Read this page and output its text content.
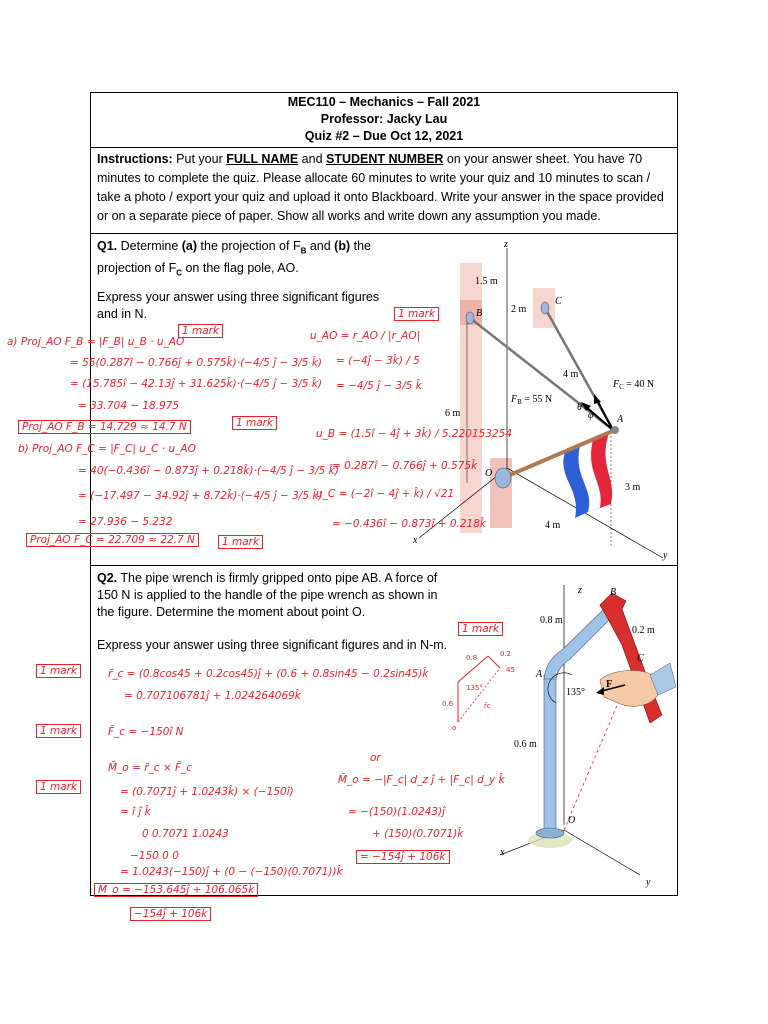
MEC110 – Mechanics – Fall 2021
Professor: Jacky Lau
Quiz #2 – Due Oct 12, 2021
Instructions: Put your FULL NAME and STUDENT NUMBER on your answer sheet. You have 70 minutes to complete the quiz. Please allocate 60 minutes to write your quiz and 10 minutes to scan / take a photo / export your quiz and upload it onto Blackboard. Write your answer in the space provided or on a separate piece of paper. Show all works and write down any assumption you made.
Q1. Determine (a) the projection of $F_B$ and (b) the projection of $F_C$ on the flag pole, AO.
Express your answer using three significant figures and in N.
z
1.5 m
B	2 m
C
4 m
$F_C = 40$ N
$F_B = 55$ N
θ
φ A
6 m
O
3 m
4 m
x
y
a) Proj_AO F_B = |F_B| u_B · u_AO
1 mark
= 55(0.287î − 0.766ĵ + 0.575k̂)·(−4/5 ĵ − 3/5 k̂)
= (15.785î − 42.13ĵ + 31.625k̂)·(−4/5 ĵ − 3/5 k̂)
= 33.704 − 18.975
Proj_AO F_B = 14.729 ≈ 14.7 N	1 mark
b) Proj_AO F_C = |F_C| u_C · u_AO
= 40(−0.436î − 0.873ĵ + 0.218k̂)·(−4/5 ĵ − 3/5 k̂)
= (−17.497 − 34.92ĵ + 8.72k̂)·(−4/5 ĵ − 3/5 k̂)
= 27.936 − 5.232
Proj_AO F_C = 22.709 ≈ 22.7 N	1 mark
u_AO = r_AO / |r_AO|
1 mark
= (−4ĵ − 3k̂) / 5
= −4/5 ĵ − 3/5 k̂
u_B = (1.5î − 4ĵ + 3k̂) / 5.220153254
= 0.287î − 0.766ĵ + 0.575k̂
u_C = (−2î − 4ĵ + k̂) / √21
= −0.436î − 0.873ĵ + 0.218k̂
Q2. The pipe wrench is firmly gripped onto pipe AB. A force of 150 N is applied to the handle of the pipe wrench as shown in the figure. Determine the moment about point O.
Express your answer using three significant figures and in N-m.
z	B
0.8 m
0.2 m
C
A
135°
F
0.6 m
O
x
y
0.8	0.2
45
135°
0.6	r̄c
o
1 mark
1 mark	r̄_c = (0.8cos45 + 0.2cos45)ĵ + (0.6 + 0.8sin45 − 0.2sin45)k̂
= 0.707106781ĵ + 1.024264069k̂
1 mark	F̄_c = −150î N
1 mark
M̄_o = r̄_c × F̄_c
= (0.7071ĵ + 1.0243k̂) × (−150î)
= î ĵ k̂
0 0.7071 1.0243
−150 0 0
= 1.0243(−150)ĵ + (0 − (−150)(0.7071))k̂
M̄_o = −153.645ĵ + 106.065k̂
−154ĵ + 106k̂
or
M̄_o = −|F_c| d_z ĵ + |F_c| d_y k̂
= −(150)(1.0243)ĵ
+ (150)(0.7071)k̂
= −154ĵ + 106k̂
